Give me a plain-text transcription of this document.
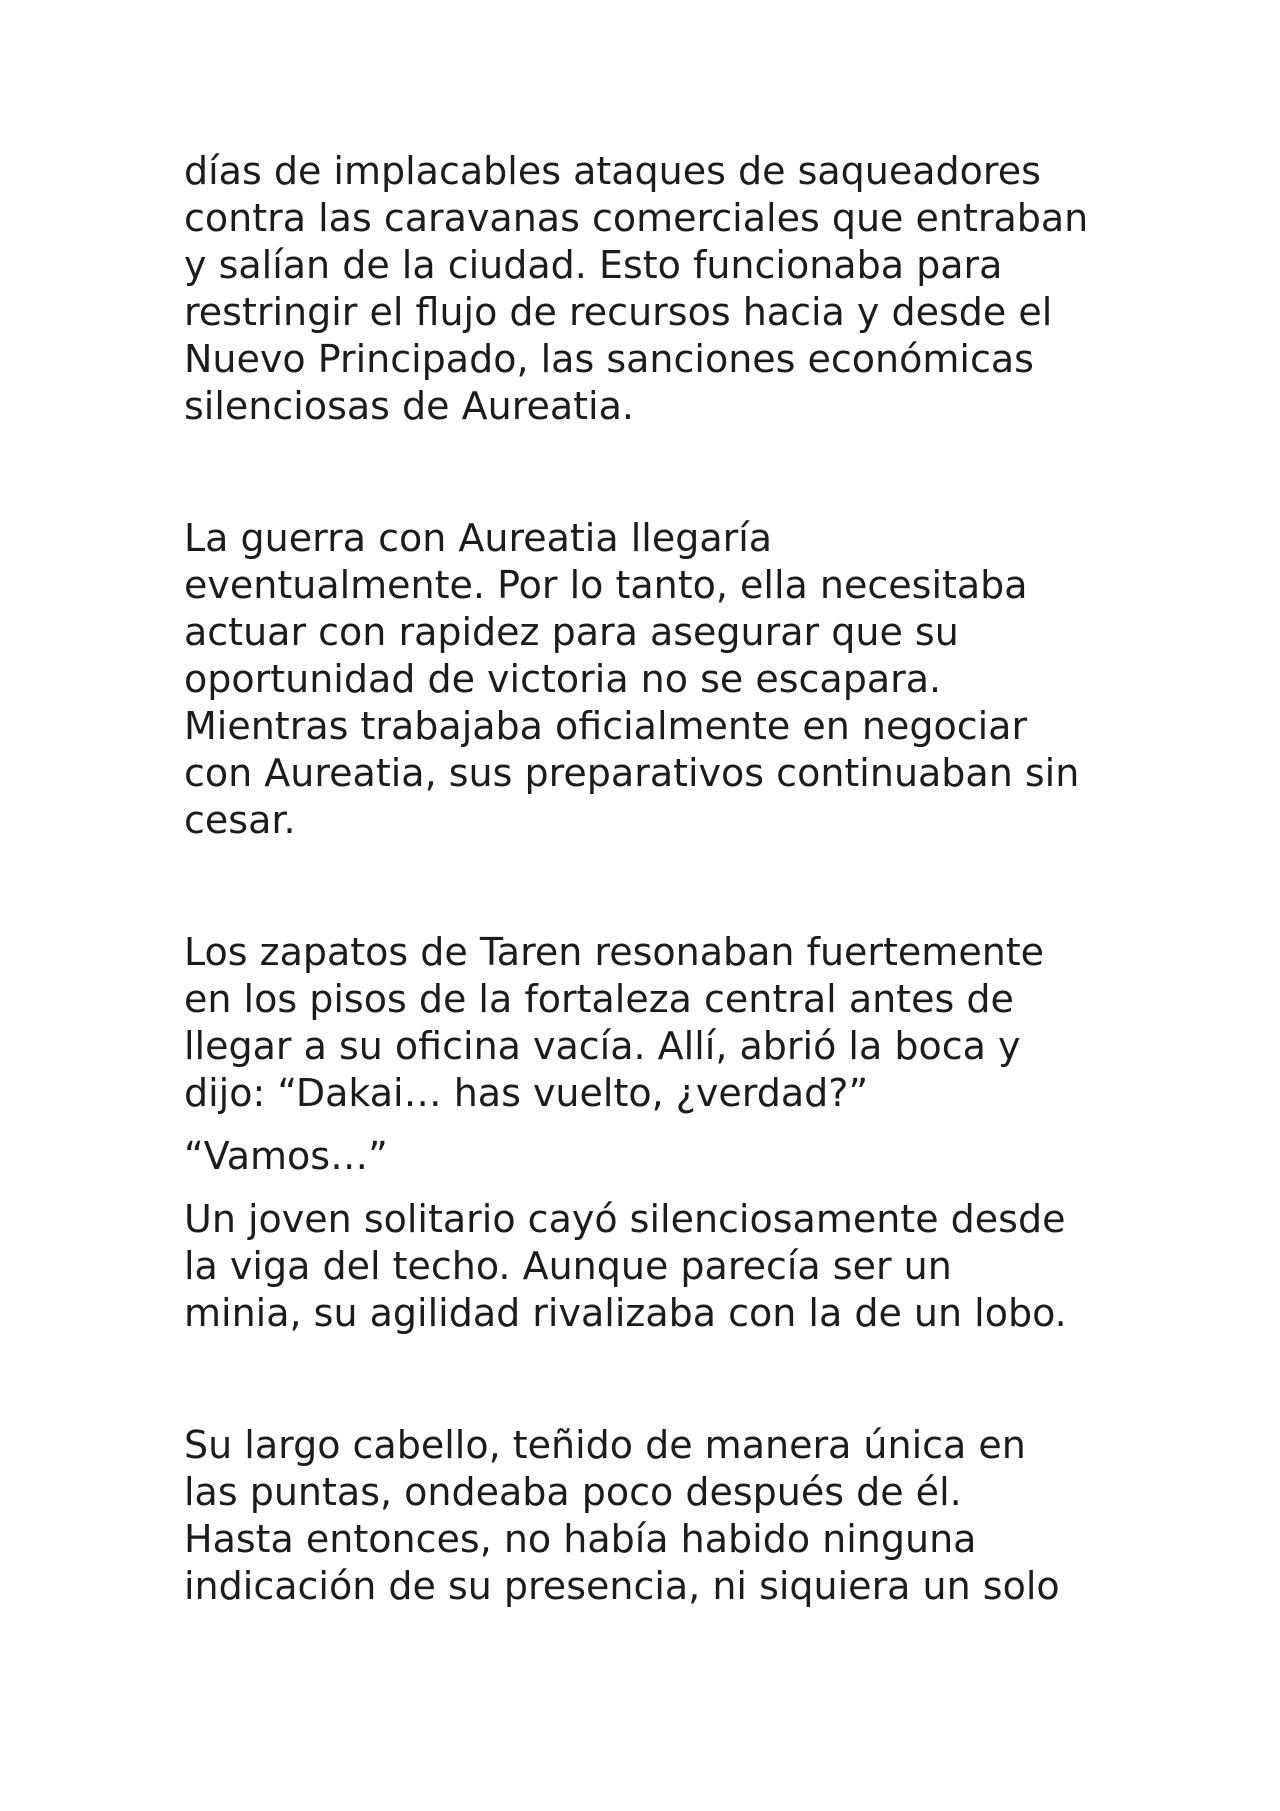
días de implacables ataques de saqueadores
contra las caravanas comerciales que entraban
y salían de la ciudad. Esto funcionaba para
restringir el flujo de recursos hacia y desde el
Nuevo Principado, las sanciones económicas
silenciosas de Aureatia.
La guerra con Aureatia llegaría
eventualmente. Por lo tanto, ella necesitaba
actuar con rapidez para asegurar que su
oportunidad de victoria no se escapara.
Mientras trabajaba oficialmente en negociar
con Aureatia, sus preparativos continuaban sin
cesar.
Los zapatos de Taren resonaban fuertemente
en los pisos de la fortaleza central antes de
llegar a su oficina vacía. Allí, abrió la boca y
dijo: “Dakai… has vuelto, ¿verdad?”
“Vamos…”
Un joven solitario cayó silenciosamente desde
la viga del techo. Aunque parecía ser un
minia, su agilidad rivalizaba con la de un lobo.
Su largo cabello, teñido de manera única en
las puntas, ondeaba poco después de él.
Hasta entonces, no había habido ninguna
indicación de su presencia, ni siquiera un solo
